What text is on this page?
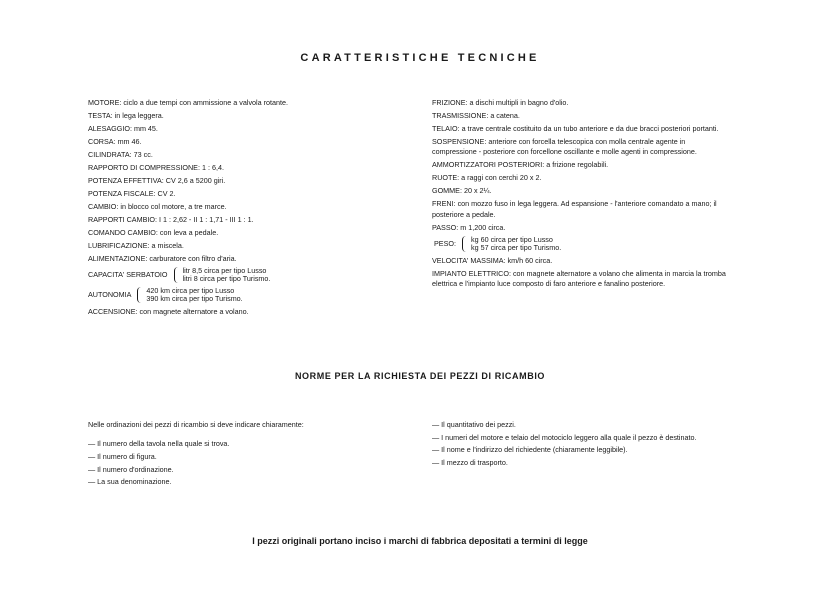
CARATTERISTICHE TECNICHE
MOTORE: ciclo a due tempi con ammissione a valvola rotante.
TESTA: in lega leggera.
ALESAGGIO: mm 45.
CORSA: mm 46.
CILINDRATA: 73 cc.
RAPPORTO DI COMPRESSIONE: 1 : 6,4.
POTENZA EFFETTIVA: CV 2,6 a 5200 giri.
POTENZA FISCALE: CV 2.
CAMBIO: in blocco col motore, a tre marce.
RAPPORTI CAMBIO: I 1 : 2,62 - II 1 : 1,71 - III 1 : 1.
COMANDO CAMBIO: con leva a pedale.
LUBRIFICAZIONE: a miscela.
ALIMENTAZIONE: carburatore con filtro d'aria.
CAPACITA' SERBATOIO litr 8,5 circa per tipo Lusso
litri 8 circa per tipo Turismo.
AUTONOMIA 420 km circa per tipo Lusso
390 km circa per tipo Turismo.
ACCENSIONE: con magnete alternatore a volano.
FRIZIONE: a dischi multipli in bagno d'olio.
TRASMISSIONE: a catena.
TELAIO: a trave centrale costituito da un tubo anteriore e da due bracci posteriori portanti.
SOSPENSIONE: anteriore con forcella telescopica con molla centrale agente in compressione - posteriore con forcellone oscillante e molle agenti in compressione.
AMMORTIZZATORI POSTERIORI: a frizione regolabili.
RUOTE: a raggi con cerchi 20 x 2.
GOMME: 20 x 2¼.
FRENI: con mozzo fuso in lega leggera. Ad espansione - l'anteriore comandato a mano; il posteriore a pedale.
PASSO: m 1,200 circa.
PESO: kg 60 circa per tipo Lusso
kg 57 circa per tipo Turismo.
VELOCITA' MASSIMA: km/h 60 circa.
IMPIANTO ELETTRICO: con magnete alternatore a volano che alimenta in marcia la tromba elettrica e l'impianto luce composto di faro anteriore e fanalino posteriore.
NORME PER LA RICHIESTA DEI PEZZI DI RICAMBIO
Nelle ordinazioni dei pezzi di ricambio si deve indicare chiaramente:
— Il numero della tavola nella quale si trova.
— Il numero di figura.
— Il numero d'ordinazione.
— La sua denominazione.
— Il quantitativo dei pezzi.
— I numeri del motore e telaio del motociclo leggero alla quale il pezzo è destinato.
— Il nome e l'indirizzo del richiedente (chiaramente leggibile).
— Il mezzo di trasporto.
I pezzi originali portano inciso i marchi di fabbrica depositati a termini di legge
